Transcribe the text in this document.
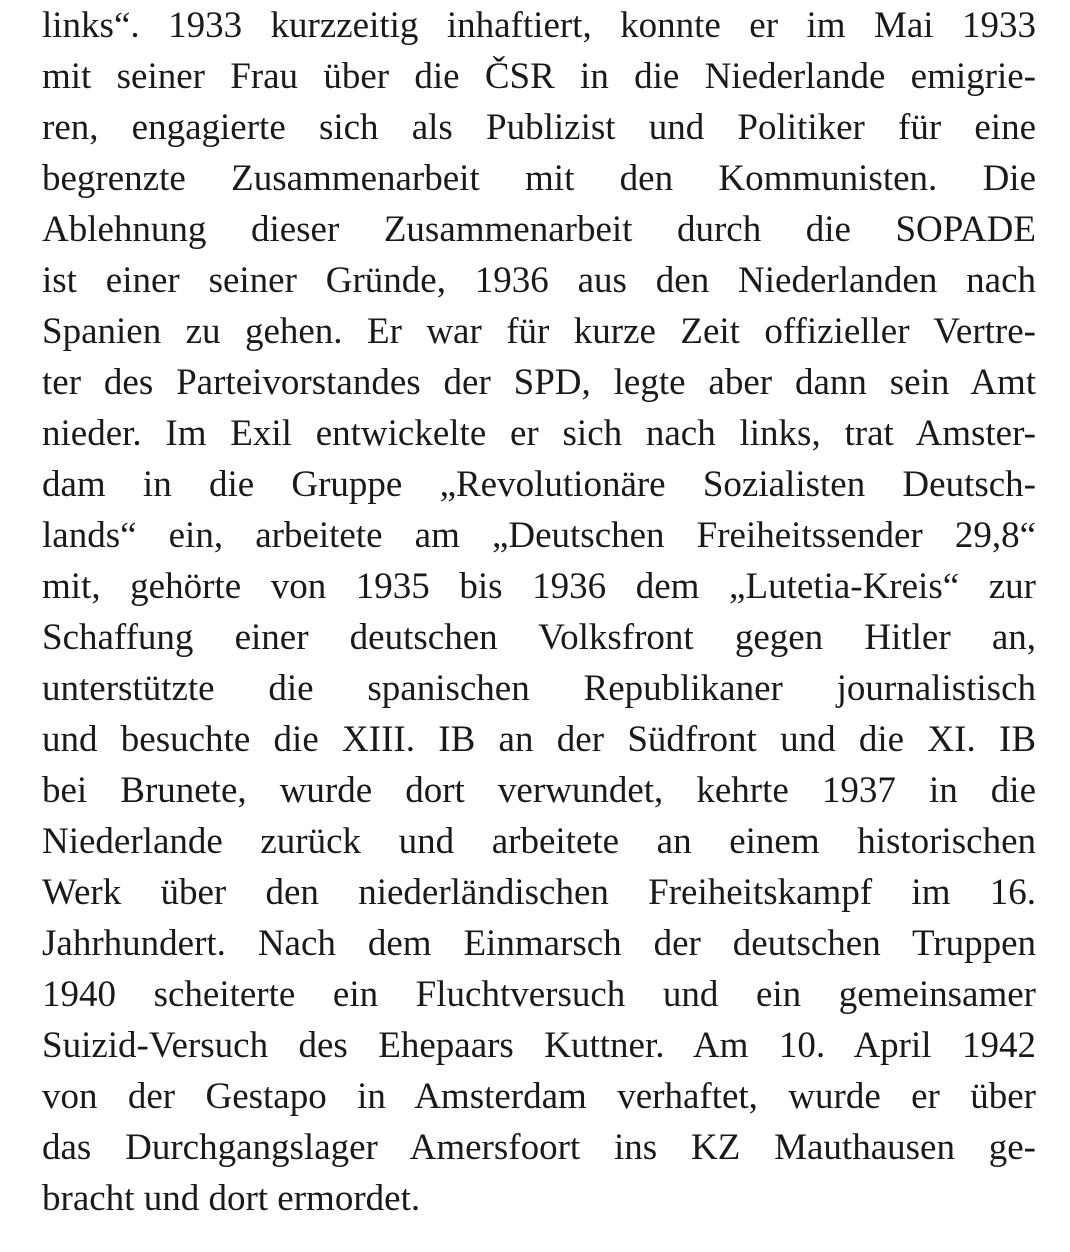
links“. 1933 kurzzeitig inhaftiert, konnte er im Mai 1933
mit seiner Frau über die ČSR in die Niederlande emigrie-
ren, engagierte sich als Publizist und Politiker für eine
begrenzte Zusammenarbeit mit den Kommunisten. Die
Ablehnung dieser Zusammenarbeit durch die SOPADE
ist einer seiner Gründe, 1936 aus den Niederlanden nach
Spanien zu gehen. Er war für kurze Zeit offizieller Vertre-
ter des Parteivorstandes der SPD, legte aber dann sein Amt
nieder. Im Exil entwickelte er sich nach links, trat Amster-
dam in die Gruppe „Revolutionäre Sozialisten Deutsch-
lands“ ein, arbeitete am „Deutschen Freiheitssender 29,8“
mit, gehörte von 1935 bis 1936 dem „Lutetia-Kreis“ zur
Schaffung einer deutschen Volksfront gegen Hitler an,
unterstützte die spanischen Republikaner journalistisch
und besuchte die XIII. IB an der Südfront und die XI. IB
bei Brunete, wurde dort verwundet, kehrte 1937 in die
Niederlande zurück und arbeitete an einem historischen
Werk über den niederländischen Freiheitskampf im 16.
Jahrhundert. Nach dem Einmarsch der deutschen Truppen
1940 scheiterte ein Fluchtversuch und ein gemeinsamer
Suizid-Versuch des Ehepaars Kuttner. Am 10. April 1942
von der Gestapo in Amsterdam verhaftet, wurde er über
das Durchgangslager Amersfoort ins KZ Mauthausen ge-
bracht und dort ermordet.
